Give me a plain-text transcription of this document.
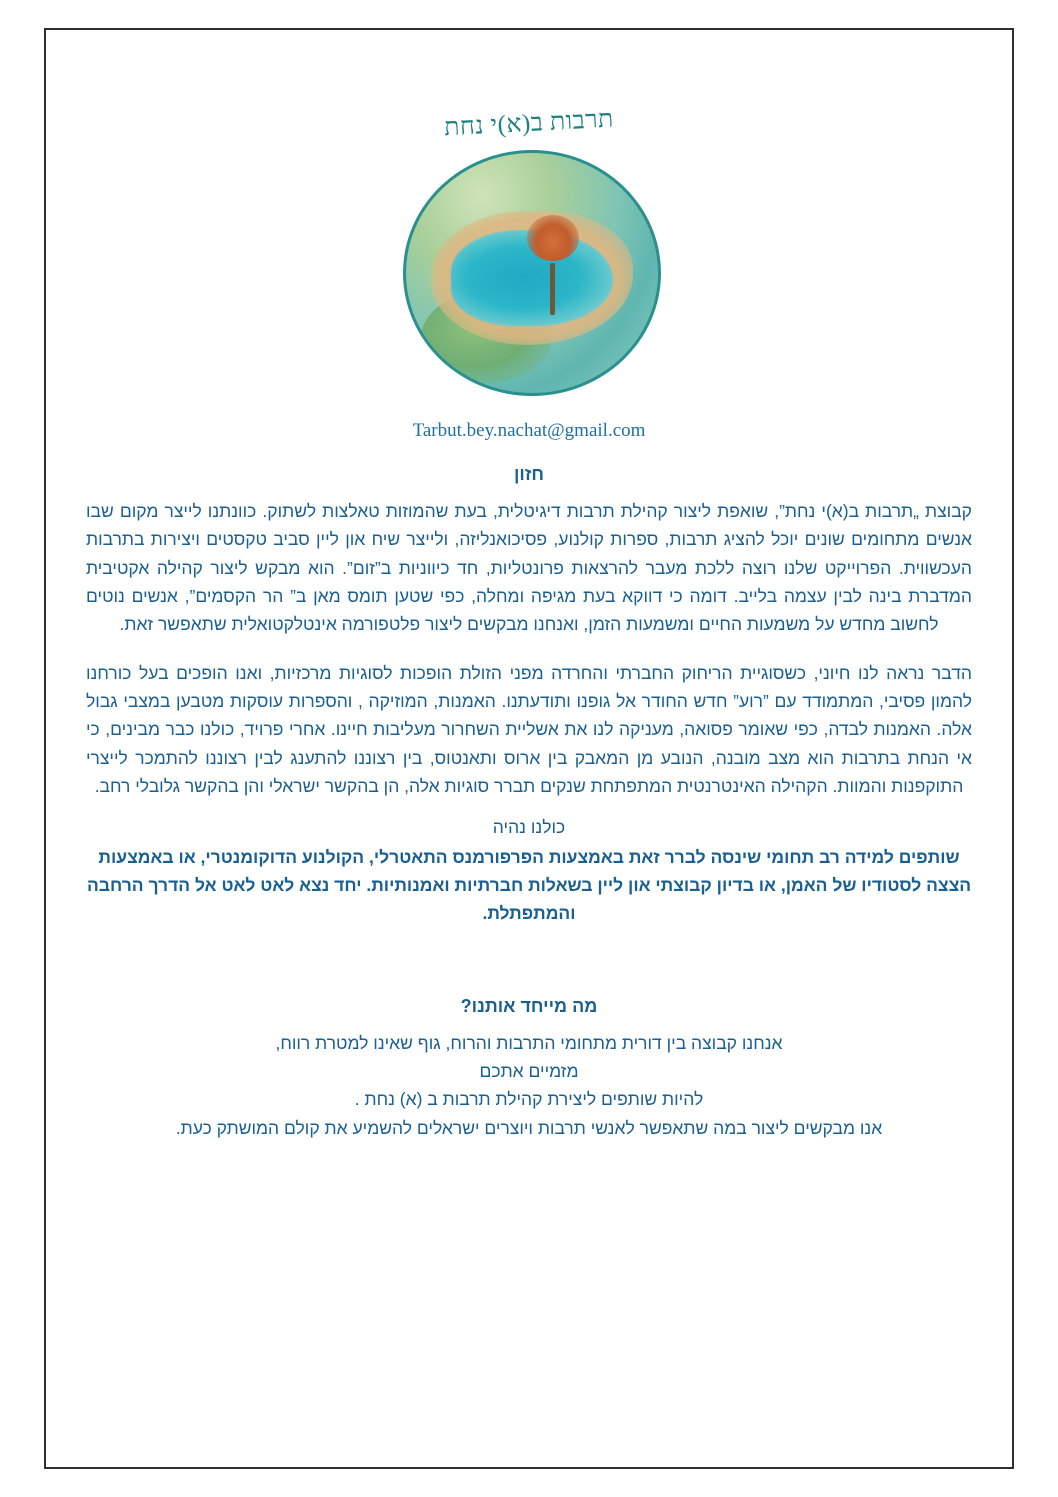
תרבות ב(א)י נחת
Tarbut.bey.nachat@gmail.com
חזון

קבוצת „תרבות ב(א)י נחת”, שואפת ליצור קהילת תרבות דיגיטלית, בעת שהמוזות טאלצות לשתוק. כוונתנו לייצר מקום שבו אנשים מתחומים שונים יוכל להציג תרבות, ספרות קולנוע, פסיכואנליזה, ולייצר שיח און ליין סביב טקסטים ויצירות בתרבות העכשווית. הפרוייקט שלנו רוצה ללכת מעבר להרצאות פרונטליות, חד כיווניות ב”זום”. הוא מבקש ליצור קהילה אקטיבית המדברת בינה לבין עצמה בלייב. דומה כי דווקא בעת מגיפה ומחלה, כפי שטען תומס מאן ב” הר הקסמים”, אנשים נוטים לחשוב מחדש על משמעות החיים ומשמעות הזמן, ואנחנו מבקשים ליצור פלטפורמה אינטלקטואלית שתאפשר זאת.

הדבר נראה לנו חיוני, כשסוגיית הריחוק החברתי והחרדה מפני הזולת הופכות לסוגיות מרכזיות, ואנו הופכים בעל כורחנו להמון פסיבי, המתמודד עם ”רוע” חדש החודר אל גופנו ותודעתנו. האמנות, המוזיקה , והספרות עוסקות מטבען במצבי גבול אלה. האמנות לבדה, כפי שאומר פסואה, מעניקה לנו את אשליית השחרור מעליבות חיינו. אחרי פרויד, כולנו כבר מבינים, כי אי הנחת בתרבות הוא מצב מובנה, הנובע מן המאבק בין ארוס ותאנטוס, בין רצוננו להתענג לבין רצוננו להתמכר לייצרי התוקפנות והמוות. הקהילה האינטרנטית המתפתחת שנקים תברר סוגיות אלה, הן בהקשר ישראלי והן בהקשר גלובלי רחב.

כולנו נהיה

שותפים למידה רב תחומי שינסה לברר זאת באמצעות הפרפורמנס התאטרלי, הקולנוע הדוקומנטרי, או באמצעות הצצה לסטודיו של האמן, או בדיון קבוצתי און ליין בשאלות חברתיות ואמנותיות. יחד נצא לאט לאט אל הדרך הרחבה והמתפתלת.

מה מייחד אותנו?
אנחנו קבוצה בין דורית מתחומי התרבות והרוח, גוף שאינו למטרת רווח,
מזמיים אתכם
להיות שותפים ליצירת קהילת תרבות ב (א) נחת .
אנו מבקשים ליצור במה שתאפשר לאנשי תרבות ויוצרים ישראלים להשמיע את קולם המושתק כעת.
